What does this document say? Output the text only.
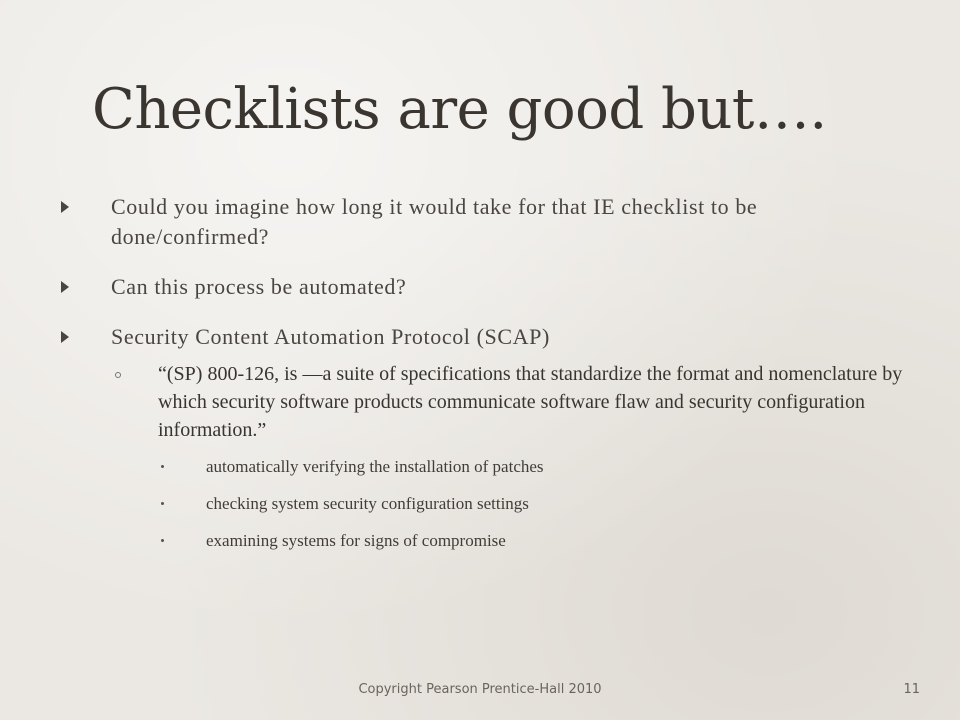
Checklists are good but….
Could you imagine how long it would take for that IE checklist to be done/confirmed?
Can this process be automated?
Security Content Automation Protocol (SCAP)
“(SP) 800-126, is —a suite of specifications that standardize the format and nomenclature by which security software products communicate software flaw and security configuration information.”
automatically verifying the installation of patches
checking system security configuration settings
examining systems for signs of compromise
Copyright Pearson Prentice-Hall 2010	11
